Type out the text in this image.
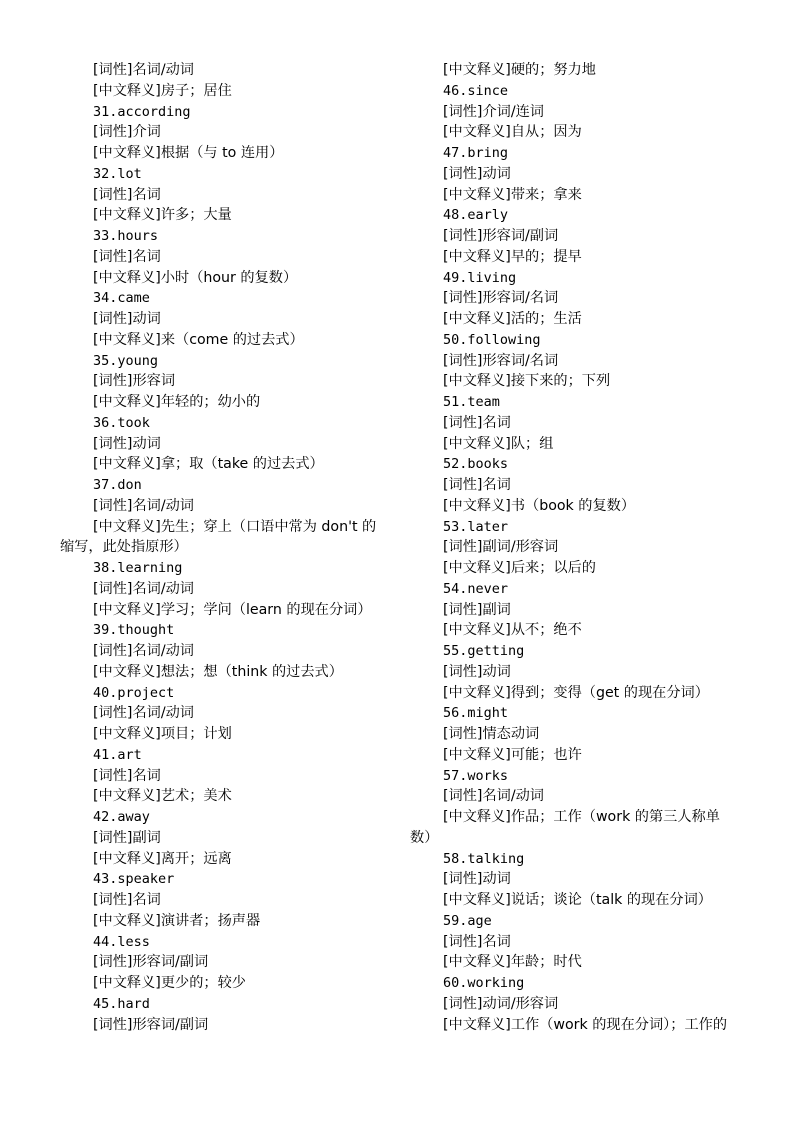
[词性]名词/动词
[中文释义]房子；居住
31.according
[词性]介词
[中文释义]根据（与 to 连用）
32.lot
[词性]名词
[中文释义]许多；大量
33.hours
[词性]名词
[中文释义]小时（hour 的复数）
34.came
[词性]动词
[中文释义]来（come 的过去式）
35.young
[词性]形容词
[中文释义]年轻的；幼小的
36.took
[词性]动词
[中文释义]拿；取（take 的过去式）
37.don
[词性]名词/动词
[中文释义]先生；穿上（口语中常为 don't 的缩写，此处指原形）
38.learning
[词性]名词/动词
[中文释义]学习；学问（learn 的现在分词）
39.thought
[词性]名词/动词
[中文释义]想法；想（think 的过去式）
40.project
[词性]名词/动词
[中文释义]项目；计划
41.art
[词性]名词
[中文释义]艺术；美术
42.away
[词性]副词
[中文释义]离开；远离
43.speaker
[词性]名词
[中文释义]演讲者；扬声器
44.less
[词性]形容词/副词
[中文释义]更少的；较少
45.hard
[词性]形容词/副词
[中文释义]硬的；努力地
46.since
[词性]介词/连词
[中文释义]自从；因为
47.bring
[词性]动词
[中文释义]带来；拿来
48.early
[词性]形容词/副词
[中文释义]早的；提早
49.living
[词性]形容词/名词
[中文释义]活的；生活
50.following
[词性]形容词/名词
[中文释义]接下来的；下列
51.team
[词性]名词
[中文释义]队；组
52.books
[词性]名词
[中文释义]书（book 的复数）
53.later
[词性]副词/形容词
[中文释义]后来；以后的
54.never
[词性]副词
[中文释义]从不；绝不
55.getting
[词性]动词
[中文释义]得到；变得（get 的现在分词）
56.might
[词性]情态动词
[中文释义]可能；也许
57.works
[词性]名词/动词
[中文释义]作品；工作（work 的第三人称单数）
58.talking
[词性]动词
[中文释义]说话；谈论（talk 的现在分词）
59.age
[词性]名词
[中文释义]年龄；时代
60.working
[词性]动词/形容词
[中文释义]工作（work 的现在分词）；工作的
